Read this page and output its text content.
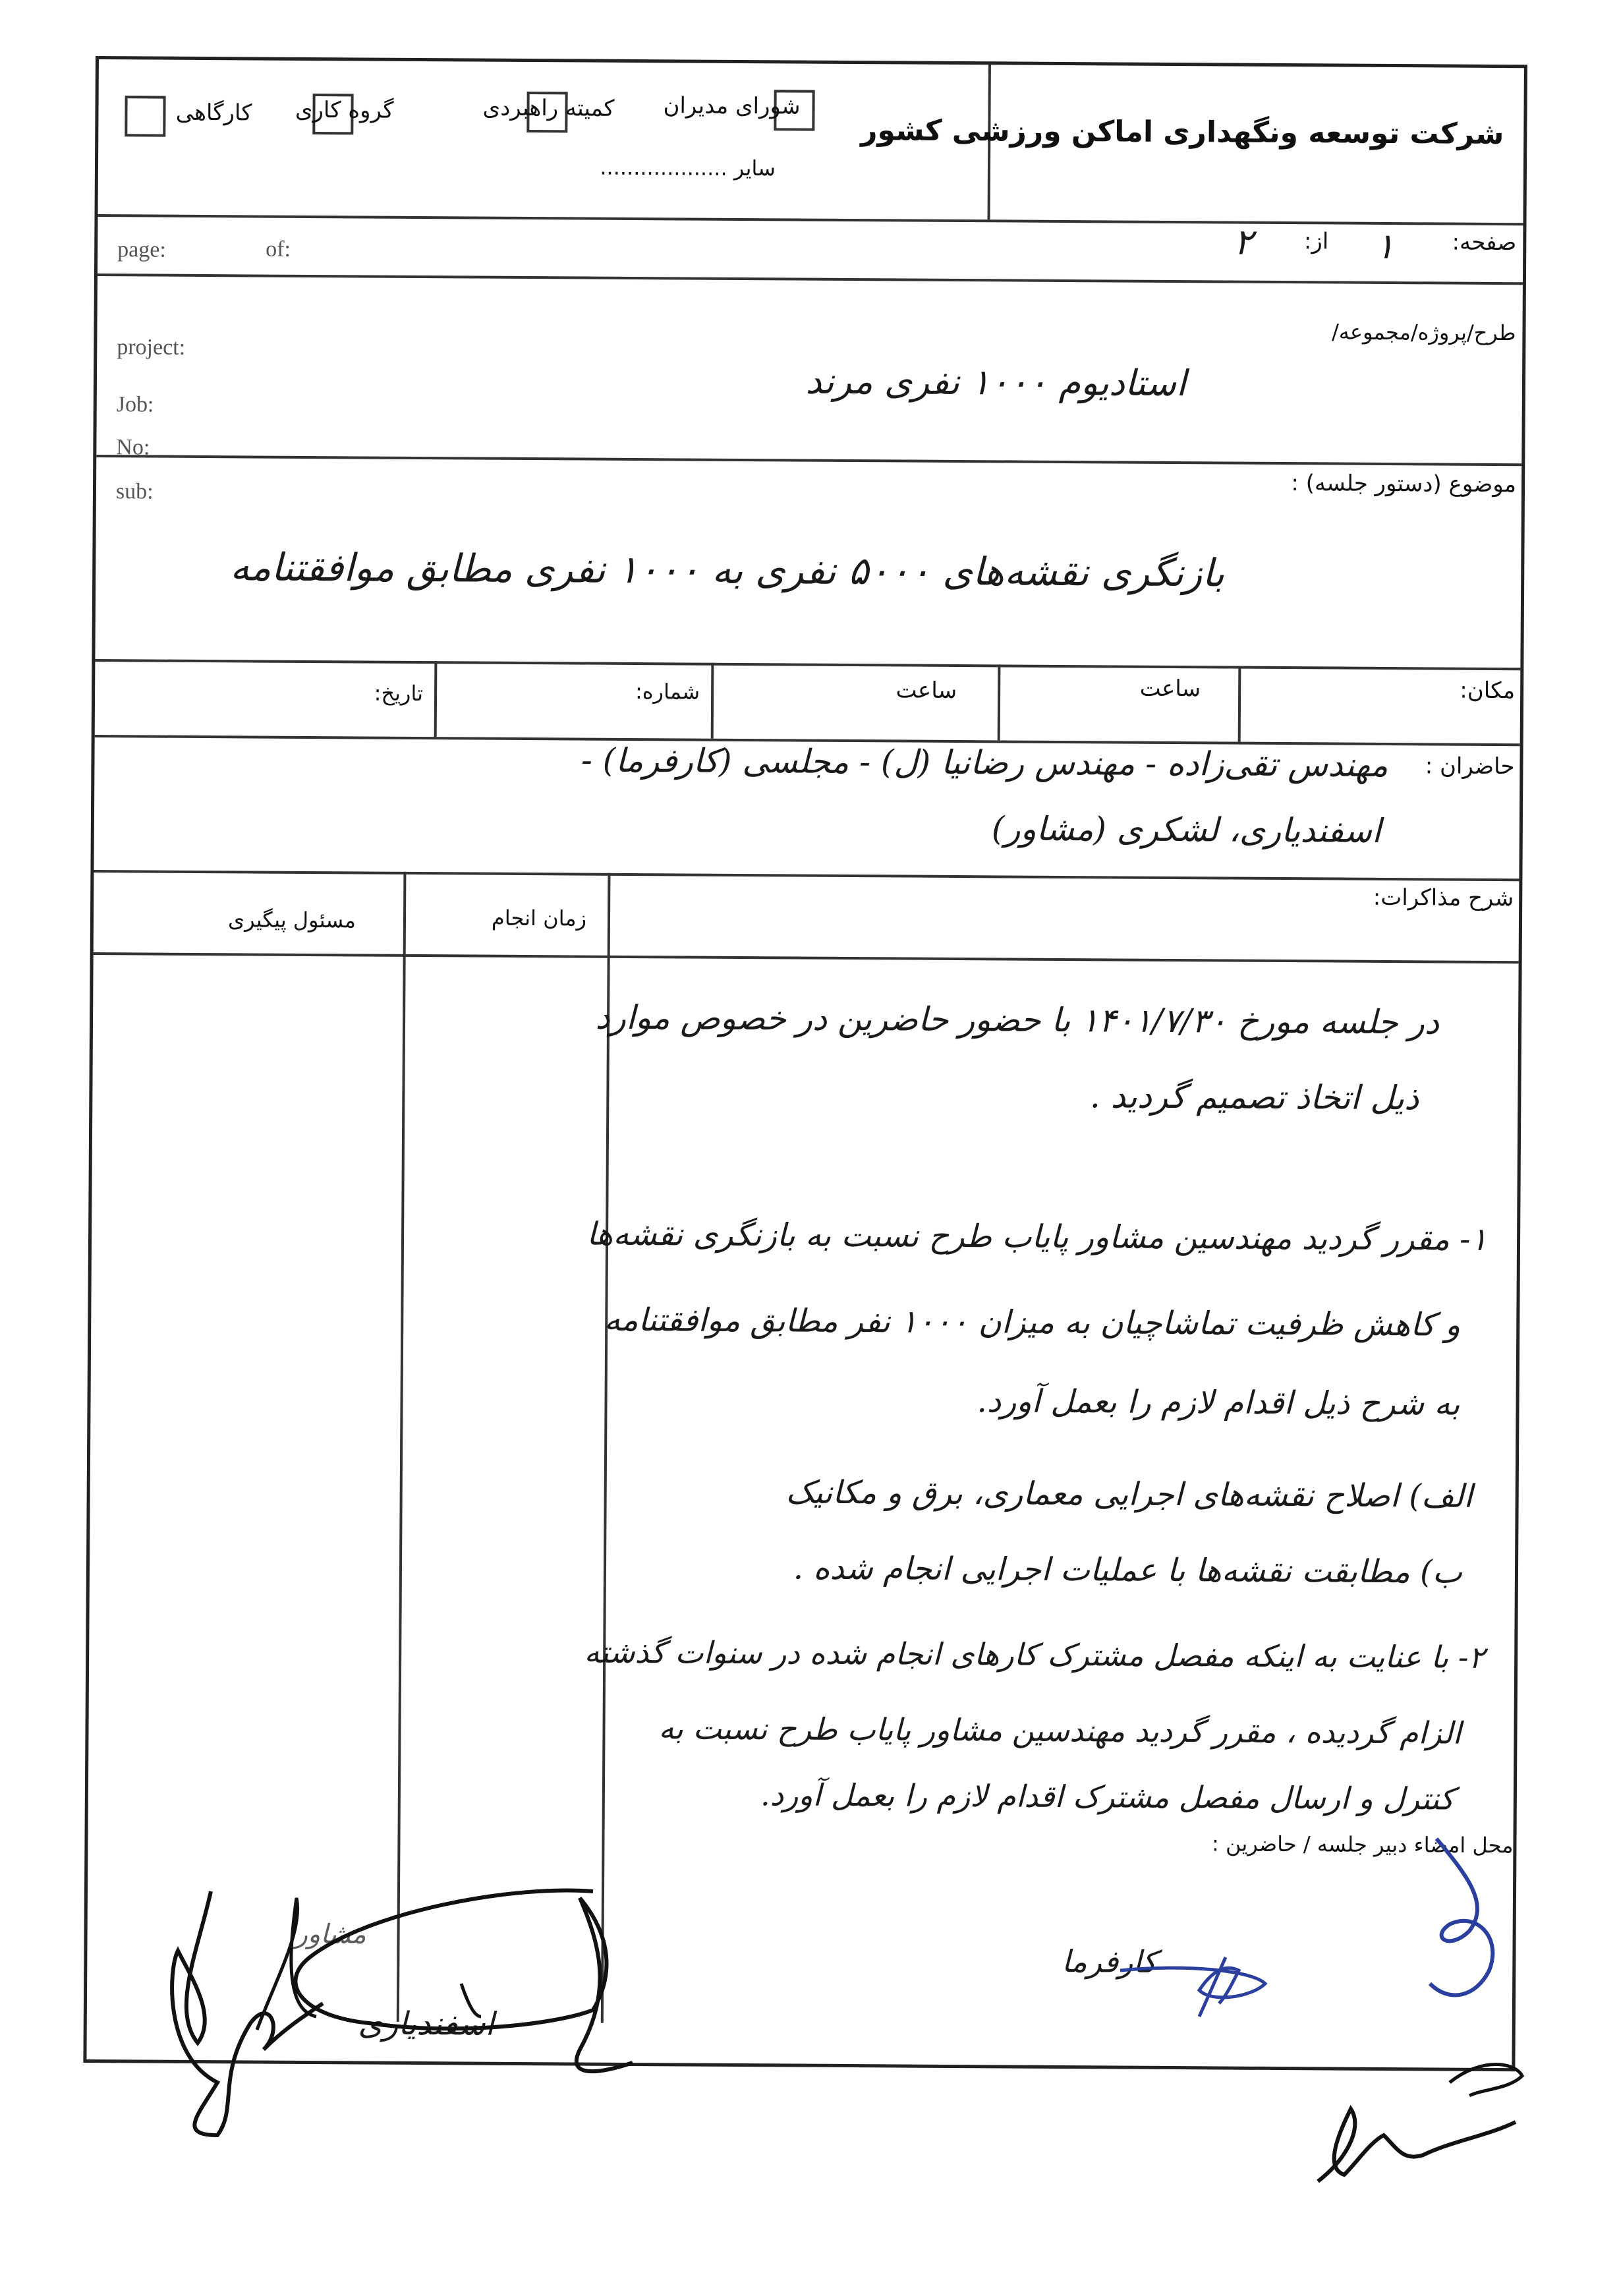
شرکت توسعه ونگهداری اماکن ورزشی کشور
شورای مدیران
کمیته راهبردی
گروه کاری
کارگاهی
سایر ...................
صفحه:
۱
از:
۲
page:	of:
طرح/پروژه/مجموعه/
project:
Job:
No:
sub:
استادیوم ۱۰۰۰ نفری مرند
موضوع (دستور جلسه) :
بازنگری نقشه‌های ۵۰۰۰ نفری به ۱۰۰۰ نفری مطابق موافقتنامه
مکان:
ساعت
ساعت
شماره:
تاریخ:
حاضران :
مهندس تقی‌زاده - مهندس رضانیا (ل) - مجلسی (کارفرما) -
اسفندیاری، لشکری (مشاور)
شرح مذاکرات:
زمان انجام
مسئول پیگیری
در جلسه مورخ ۱۴۰۱/۷/۳۰ با حضور حاضرین در خصوص موارد
ذیل اتخاذ تصمیم گردید .
۱- مقرر گردید مهندسین مشاور پایاب طرح نسبت به بازنگری نقشه‌ها
و کاهش ظرفیت تماشاچیان به میزان ۱۰۰۰ نفر مطابق موافقتنامه
به شرح ذیل اقدام لازم را بعمل آورد.
الف) اصلاح نقشه‌های اجرایی معماری، برق و مکانیک
ب) مطابقت نقشه‌ها با عملیات اجرایی انجام شده .
۲- با عنایت به اینکه مفصل مشترک کارهای انجام شده در سنوات گذشته
الزام گردیده ، مقرر گردید مهندسین مشاور پایاب طرح نسبت به
کنترل و ارسال مفصل مشترک اقدام لازم را بعمل آورد.
محل امضاء دبیر جلسه / حاضرین :
کارفرما
مشاور
اسفندیاری
